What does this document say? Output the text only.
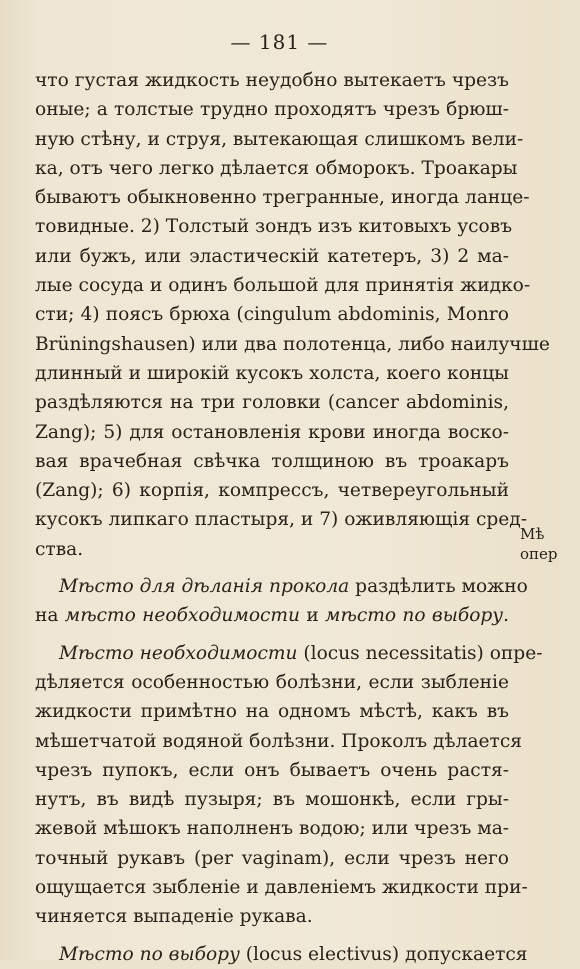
— 181 —
что густая жидкость неудобно вытекаетъ чрезъ
оные; а толстые трудно проходятъ чрезъ брюш-
ную стѣну, и струя, вытекающая слишкомъ вели-
ка, отъ чего легко дѣлается обморокъ. Троакары
бываютъ обыкновенно трегранные, иногда ланце-
товидные. 2) Толстый зондъ изъ китовыхъ усовъ
или бужъ, или эластическій катетеръ, 3) 2 ма-
лые сосуда и одинъ большой для принятія жидко-
сти; 4) поясъ брюха (cingulum abdominis, Monro
Brüningshausen) или два полотенца, либо наилучше
длинный и широкій кусокъ холста, коего концы
раздѣляются на три головки (cancer abdominis,
Zang); 5) для остановленія крови иногда воско-
вая врачебная свѣчка толщиною въ троакаръ
(Zang); 6) корпія, компрессъ, четвереугольный
кусокъ липкаго пластыря, и 7) оживляющія сред-
ства.
Мѣсто для дѣланія прокола раздѣлить можно
на мѣсто необходимости и мѣсто по выбору.
Мѣсто необходимости (locus necessitatis) опре-
дѣляется особенностью болѣзни, если зыбленіе
жидкости примѣтно на одномъ мѣстѣ, какъ въ
мѣшетчатой водяной болѣзни. Проколъ дѣлается
чрезъ пупокъ, если онъ бываетъ очень растя-
нутъ, въ видѣ пузыря; въ мошонкѣ, если гры-
жевой мѣшокъ наполненъ водою; или чрезъ ма-
точный рукавъ (per vaginam), если чрезъ него
ощущается зыбленіе и давленіемъ жидкости при-
чиняется выпаденіе рукава.
Мѣсто по выбору (locus electivus) допускается
Мѣ
опер
